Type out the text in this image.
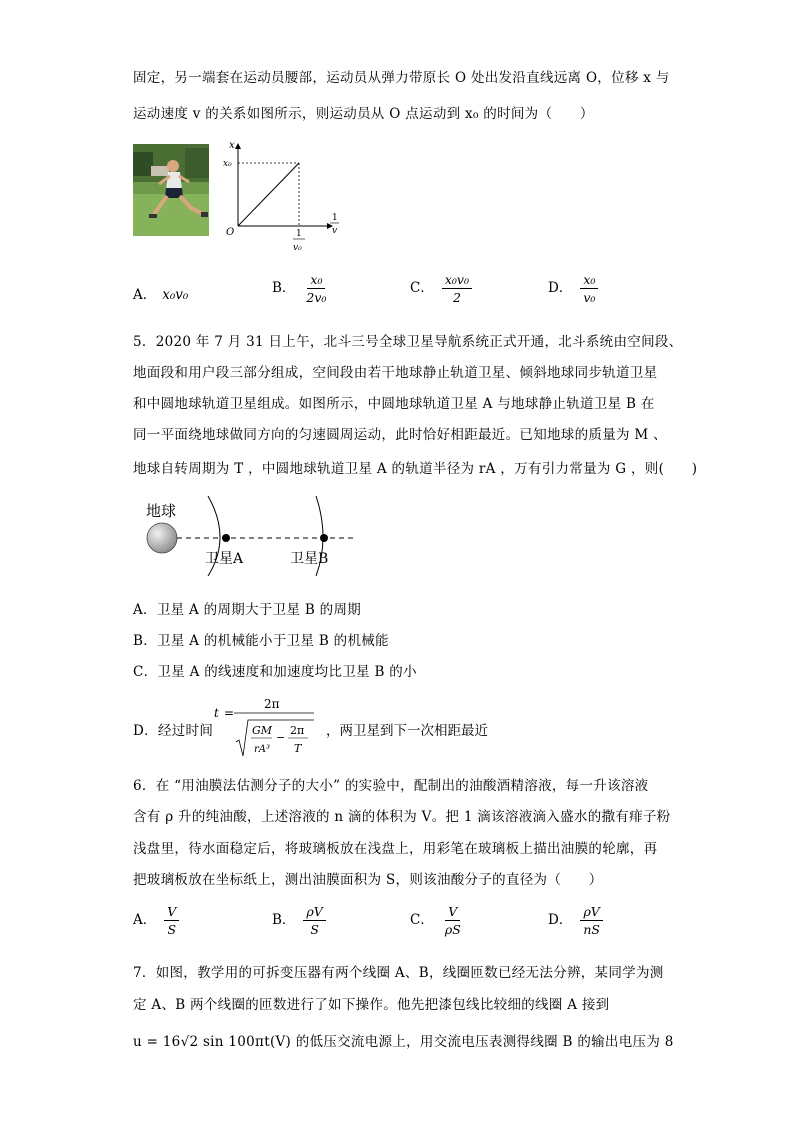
固定，另一端套在运动员腰部，运动员从弹力带原长 O 处出发沿直线远离 O，位移 x 与
运动速度 v 的关系如图所示，则运动员从 O 点运动到 x₀ 的时间为（　　）
x
x₀
O
1
v
1
v₀
A． x₀v₀	B． $\frac{\text{x₀}}{\text{2v₀}}$	C． $\frac{\text{x₀v₀}}{2}$	D． $\frac{\text{x₀}}{\text{v₀}}$
5．2020 年 7 月 31 日上午，北斗三号全球卫星导航系统正式开通，北斗系统由空间段、
地面段和用户段三部分组成，空间段由若干地球静止轨道卫星、倾斜地球同步轨道卫星
和中圆地球轨道卫星组成。如图所示，中圆地球轨道卫星 A 与地球静止轨道卫星 B 在
同一平面绕地球做同方向的匀速圆周运动，此时恰好相距最近。已知地球的质量为 M 、
地球自转周期为 T ，中圆地球轨道卫星 A 的轨道半径为 rA ，万有引力常量为 G ，则(　　)
地球
卫星A	卫星B
A．卫星 A 的周期大于卫星 B 的周期
B．卫星 A 的机械能小于卫星 B 的机械能
C．卫星 A 的线速度和加速度均比卫星 B 的小
D．经过时间
t =
2π
GM
rA³
−
2π
T
，两卫星到下一次相距最近
6．在 “用油膜法估测分子的大小” 的实验中，配制出的油酸酒精溶液，每一升该溶液
含有 ρ 升的纯油酸，上述溶液的 n 滴的体积为 V。把 1 滴该溶液滴入盛水的撒有痱子粉
浅盘里，待水面稳定后，将玻璃板放在浅盘上，用彩笔在玻璃板上描出油膜的轮廓，再
把玻璃板放在坐标纸上，测出油膜面积为 S，则该油酸分子的直径为（　　）
A． $\frac{V}{S}$	B． $\frac{\rho V}{S}$	C． $\frac{V}{\rho S}$	D． $\frac{\rho V}{nS}$
7．如图，教学用的可拆变压器有两个线圈 A、B，线圈匝数已经无法分辨，某同学为测
定 A、B 两个线圈的匝数进行了如下操作。他先把漆包线比较细的线圈 A 接到
u = 16√2 sin 100πt(V) 的低压交流电源上，用交流电压表测得线圈 B 的输出电压为 8
